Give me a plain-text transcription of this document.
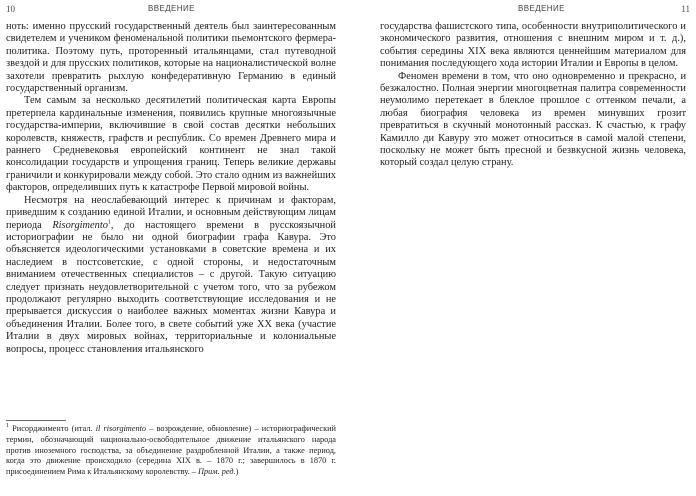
10	ВВЕДЕНИЕ

ноть: именно прусский государственный деятель был заинтересованным свидетелем и учеником феноменальной политики пьемонтского фермера-политика. Поэтому путь, проторенный итальянцами, стал путеводной звездой и для прусских политиков, которые на националистической волне захотели превратить рыхлую конфедеративную Германию в единый государственный организм.

Тем самым за несколько десятилетий политическая карта Европы претерпела кардинальные изменения, появились крупные многоязычные государства-империи, включившие в свой состав десятки небольших королевств, княжеств, графств и республик. Со времен Древнего мира и раннего Средневековья европейский континент не знал такой консолидации государств и упрощения границ. Теперь великие державы граничили и конкурировали между собой. Это стало одним из важнейших факторов, определивших путь к катастрофе Первой мировой войны.

Несмотря на неослабевающий интерес к причинам и факторам, приведшим к созданию единой Италии, и основным действующим лицам периода Risorgimento$^1$, до настоящего времени в русскоязычной историографии не было ни одной биографии графа Кавура. Это объясняется идеологическими установками в советские времена и их наследием в постсоветские, с одной стороны, и недостаточным вниманием отечественных специалистов – с другой. Такую ситуацию следует признать неудовлетворительной с учетом того, что за рубежом продолжают регулярно выходить соответствующие исследования и не прерывается дискуссия о наиболее важных моментах жизни Кавура и объединения Италии. Более того, в свете событий уже XX века (участие Италии в двух мировых войнах, территориальные и колониальные вопросы, процесс становления итальянского

$^1$ Рисорджименто (итал. il risorgimento – возрождение, обновление) – историографический термин, обозначающий национально-освободительное движение итальянского народа против иноземного господства, за объединение раздробленной Италии, а также период, когда это движение происходило (середина XIX в. – 1870 г.; завершилось в 1870 г. присоединением Рима к Итальянскому королевству. – Прим. ред.)

ВВЕДЕНИЕ	11

государства фашистского типа, особенности внутриполитического и экономического развития, отношения с внешним миром и т. д.), события середины XIX века являются ценнейшим материалом для понимания последующего хода истории Италии и Европы в целом.

Феномен времени в том, что оно одновременно и прекрасно, и безжалостно. Полная энергии многоцветная палитра современности неумолимо перетекает в блеклое прошлое с оттенком печали, а любая биография человека из времен минувших грозит превратиться в скучный монотонный рассказ. К счастью, к графу Камилло ди Кавуру это может относиться в самой малой степени, поскольку не может быть пресной и безвкусной жизнь человека, который создал целую страну.
